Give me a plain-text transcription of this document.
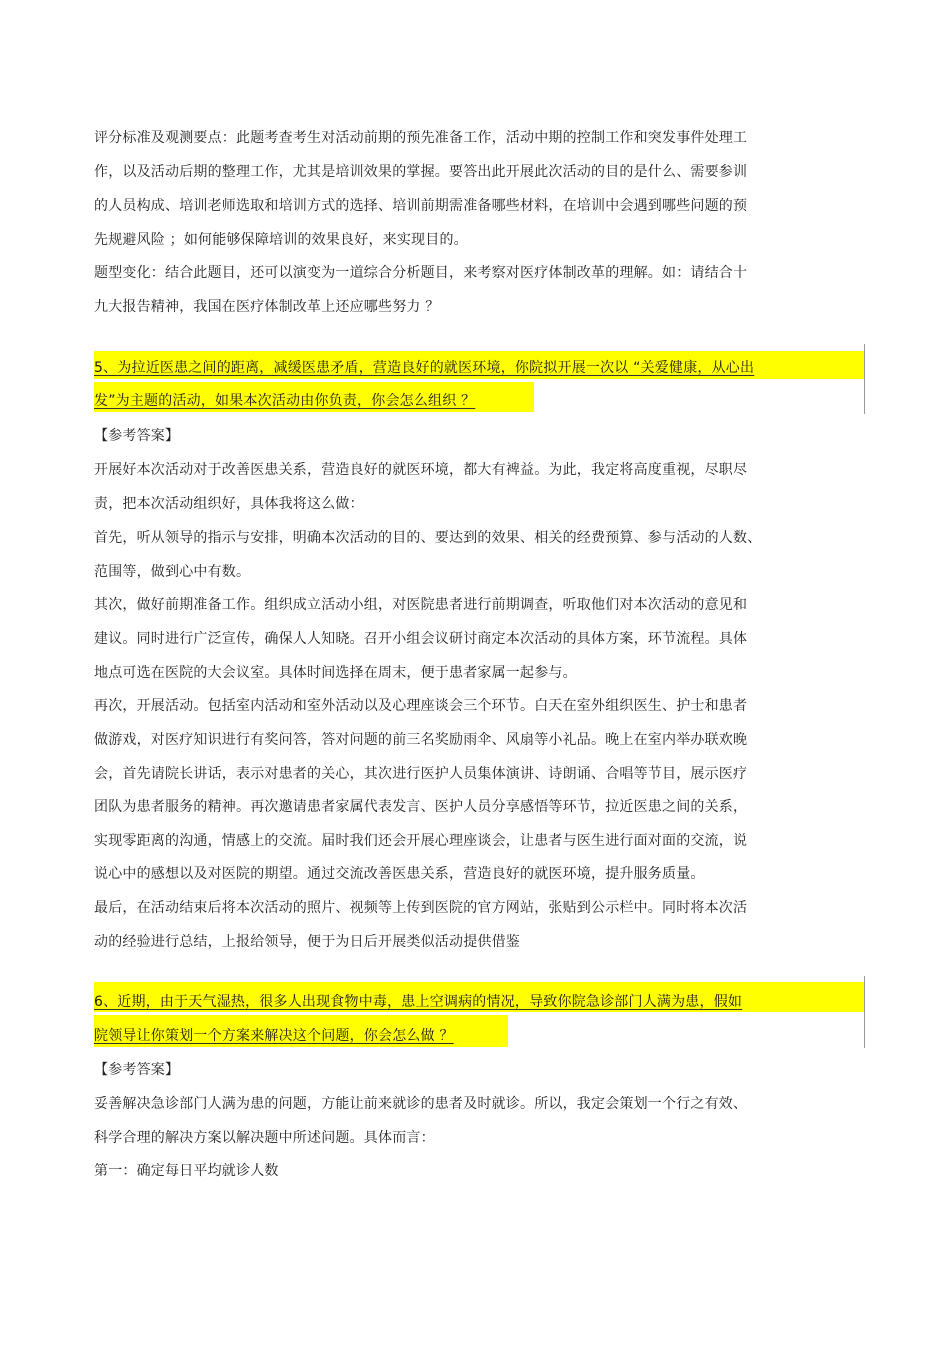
评分标准及观测要点：此题考查考生对活动前期的预先准备工作，活动中期的控制工作和突发事件处理工
作，以及活动后期的整理工作，尤其是培训效果的掌握。要答出此开展此次活动的目的是什么、需要参训
的人员构成、培训老师选取和培训方式的选择、培训前期需准备哪些材料，在培训中会遇到哪些问题的预
先规避风险 ；如何能够保障培训的效果良好，来实现目的。
题型变化：结合此题目，还可以演变为一道综合分析题目，来考察对医疗体制改革的理解。如：请结合十
九大报告精神，我国在医疗体制改革上还应哪些努力 ？
5、为拉近医患之间的距离，减缓医患矛盾，营造良好的就医环境，你院拟开展一次以 “关爱健康，从心出
发”为主题的活动，如果本次活动由你负责，你会怎么组织 ？
【参考答案】
开展好本次活动对于改善医患关系，营造良好的就医环境，都大有裨益。为此，我定将高度重视，尽职尽
责，把本次活动组织好，具体我将这么做：
首先，听从领导的指示与安排，明确本次活动的目的、要达到的效果、相关的经费预算、参与活动的人数、
范围等，做到心中有数。
其次，做好前期准备工作。组织成立活动小组，对医院患者进行前期调查，听取他们对本次活动的意见和
建议。同时进行广泛宣传，确保人人知晓。召开小组会议研讨商定本次活动的具体方案，环节流程。具体
地点可选在医院的大会议室。具体时间选择在周末，便于患者家属一起参与。
再次，开展活动。包括室内活动和室外活动以及心理座谈会三个环节。白天在室外组织医生、护士和患者
做游戏，对医疗知识进行有奖问答，答对问题的前三名奖励雨伞、风扇等小礼品。晚上在室内举办联欢晚
会，首先请院长讲话，表示对患者的关心，其次进行医护人员集体演讲、诗朗诵、合唱等节目，展示医疗
团队为患者服务的精神。再次邀请患者家属代表发言、医护人员分享感悟等环节，拉近医患之间的关系，
实现零距离的沟通，情感上的交流。届时我们还会开展心理座谈会，让患者与医生进行面对面的交流，说
说心中的感想以及对医院的期望。通过交流改善医患关系，营造良好的就医环境，提升服务质量。
最后，在活动结束后将本次活动的照片、视频等上传到医院的官方网站，张贴到公示栏中。同时将本次活
动的经验进行总结，上报给领导，便于为日后开展类似活动提供借鉴
6、近期，由于天气湿热，很多人出现食物中毒，患上空调病的情况，导致你院急诊部门人满为患，假如
院领导让你策划一个方案来解决这个问题，你会怎么做 ？
【参考答案】
妥善解决急诊部门人满为患的问题，方能让前来就诊的患者及时就诊。所以，我定会策划一个行之有效、
科学合理的解决方案以解决题中所述问题。具体而言：
第一：确定每日平均就诊人数
